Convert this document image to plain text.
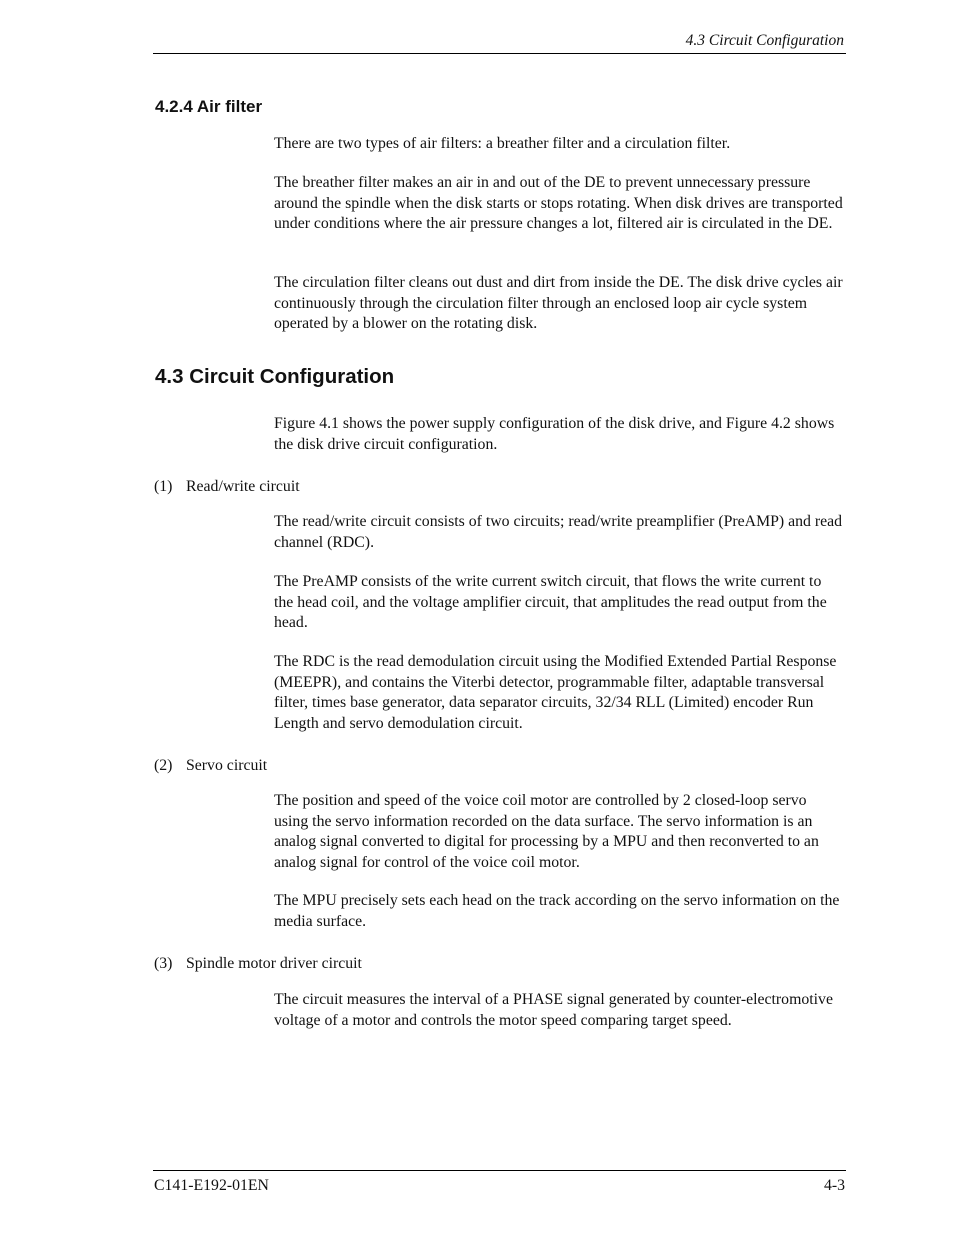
4.3 Circuit Configuration
4.2.4 Air filter
There are two types of air filters: a breather filter and a circulation filter.
The breather filter makes an air in and out of the DE to prevent unnecessary pressure around the spindle when the disk starts or stops rotating. When disk drives are transported under conditions where the air pressure changes a lot, filtered air is circulated in the DE.
The circulation filter cleans out dust and dirt from inside the DE. The disk drive cycles air continuously through the circulation filter through an enclosed loop air cycle system operated by a blower on the rotating disk.
4.3 Circuit Configuration
Figure 4.1 shows the power supply configuration of the disk drive, and Figure 4.2 shows the disk drive circuit configuration.
(1) Read/write circuit
The read/write circuit consists of two circuits; read/write preamplifier (PreAMP) and read channel (RDC).
The PreAMP consists of the write current switch circuit, that flows the write current to the head coil, and the voltage amplifier circuit, that amplitudes the read output from the head.
The RDC is the read demodulation circuit using the Modified Extended Partial Response (MEEPR), and contains the Viterbi detector, programmable filter, adaptable transversal filter, times base generator, data separator circuits, 32/34 RLL (Limited) encoder Run Length and servo demodulation circuit.
(2) Servo circuit
The position and speed of the voice coil motor are controlled by 2 closed-loop servo using the servo information recorded on the data surface. The servo information is an analog signal converted to digital for processing by a MPU and then reconverted to an analog signal for control of the voice coil motor.
The MPU precisely sets each head on the track according on the servo information on the media surface.
(3) Spindle motor driver circuit
The circuit measures the interval of a PHASE signal generated by counter-electromotive voltage of a motor and controls the motor speed comparing target speed.
C141-E192-01EN	4-3
